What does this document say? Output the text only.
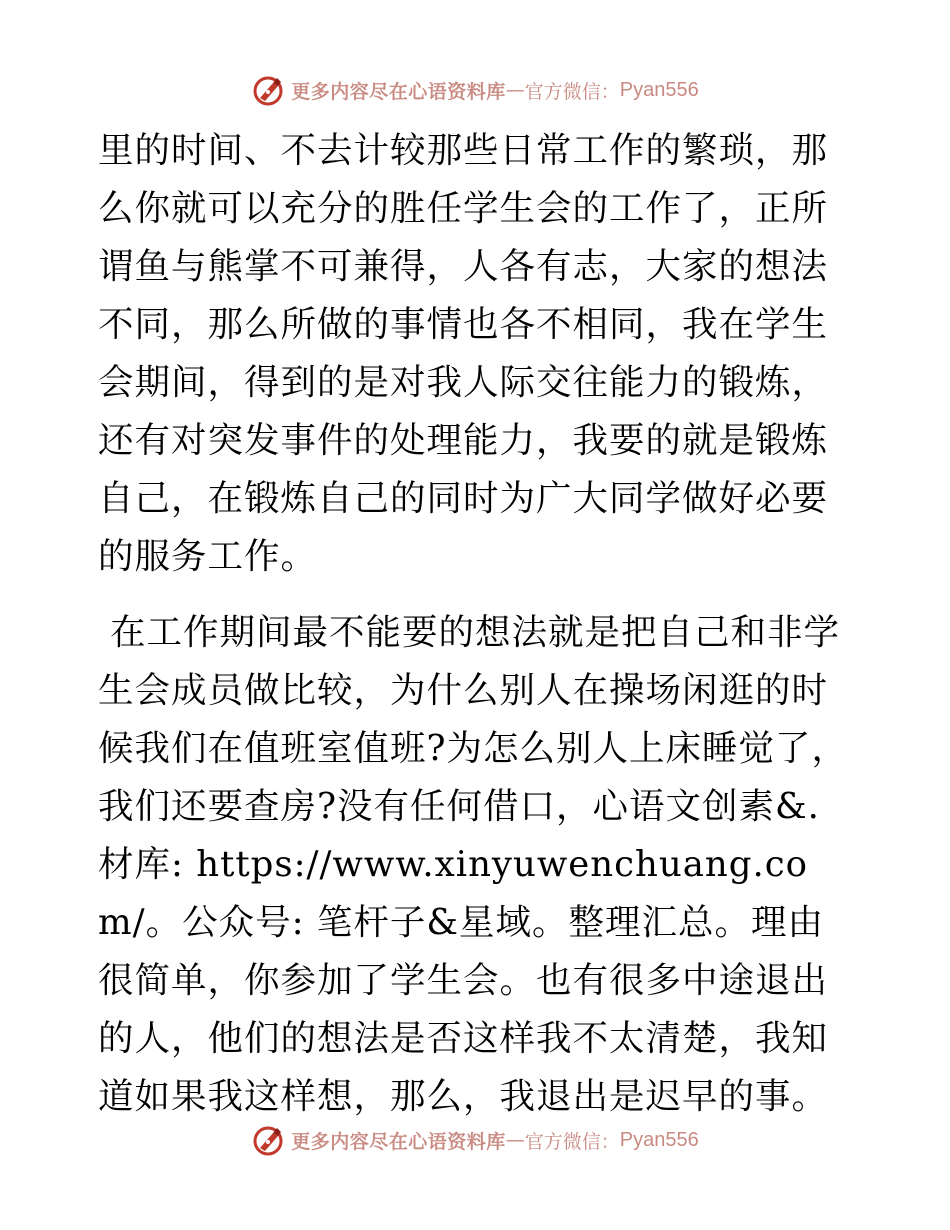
更多内容尽在心语资料库 — 官方微信： Pyan556

里的时间、不去计较那些日常工作的繁琐，那么你就可以充分的胜任学生会的工作了，正所谓鱼与熊掌不可兼得，人各有志，大家的想法不同，那么所做的事情也各不相同，我在学生会期间，得到的是对我人际交往能力的锻炼，还有对突发事件的处理能力，我要的就是锻炼自己，在锻炼自己的同时为广大同学做好必要的服务工作。

在工作期间最不能要的想法就是把自己和非学生会成员做比较，为什么别人在操场闲逛的时候我们在值班室值班?为怎么别人上床睡觉了，我们还要查房?没有任何借口，心语文创素&.材库: https://www.xinyuwenchuang.com/。公众号: 笔杆子&星域。整理汇总。理由很简单，你参加了学生会。也有很多中途退出的人，他们的想法是否这样我不太清楚，我知道如果我这样想，那么，我退出是迟早的事。

更多内容尽在心语资料库 — 官方微信： Pyan556
